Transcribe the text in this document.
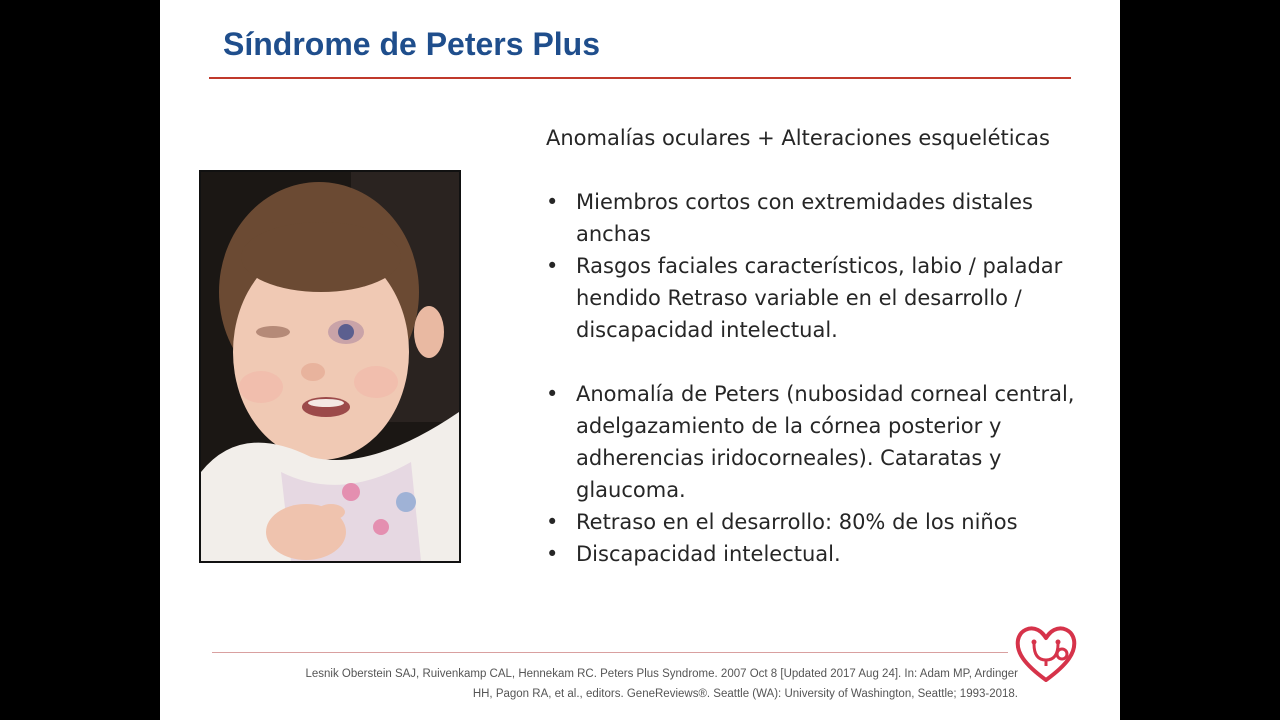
Síndrome de Peters Plus
Anomalías oculares + Alteraciones esqueléticas
• Miembros cortos con extremidades distales anchas
• Rasgos faciales característicos, labio / paladar hendido Retraso variable en el desarrollo / discapacidad intelectual.
• Anomalía de Peters (nubosidad corneal central, adelgazamiento de la córnea posterior y adherencias iridocorneales). Cataratas y glaucoma.
• Retraso en el desarrollo: 80% de los niños
• Discapacidad intelectual.
Lesnik Oberstein SAJ, Ruivenkamp CAL, Hennekam RC. Peters Plus Syndrome. 2007 Oct 8 [Updated 2017 Aug 24]. In: Adam MP, Ardinger
HH, Pagon RA, et al., editors. GeneReviews®. Seattle (WA): University of Washington, Seattle; 1993-2018.
